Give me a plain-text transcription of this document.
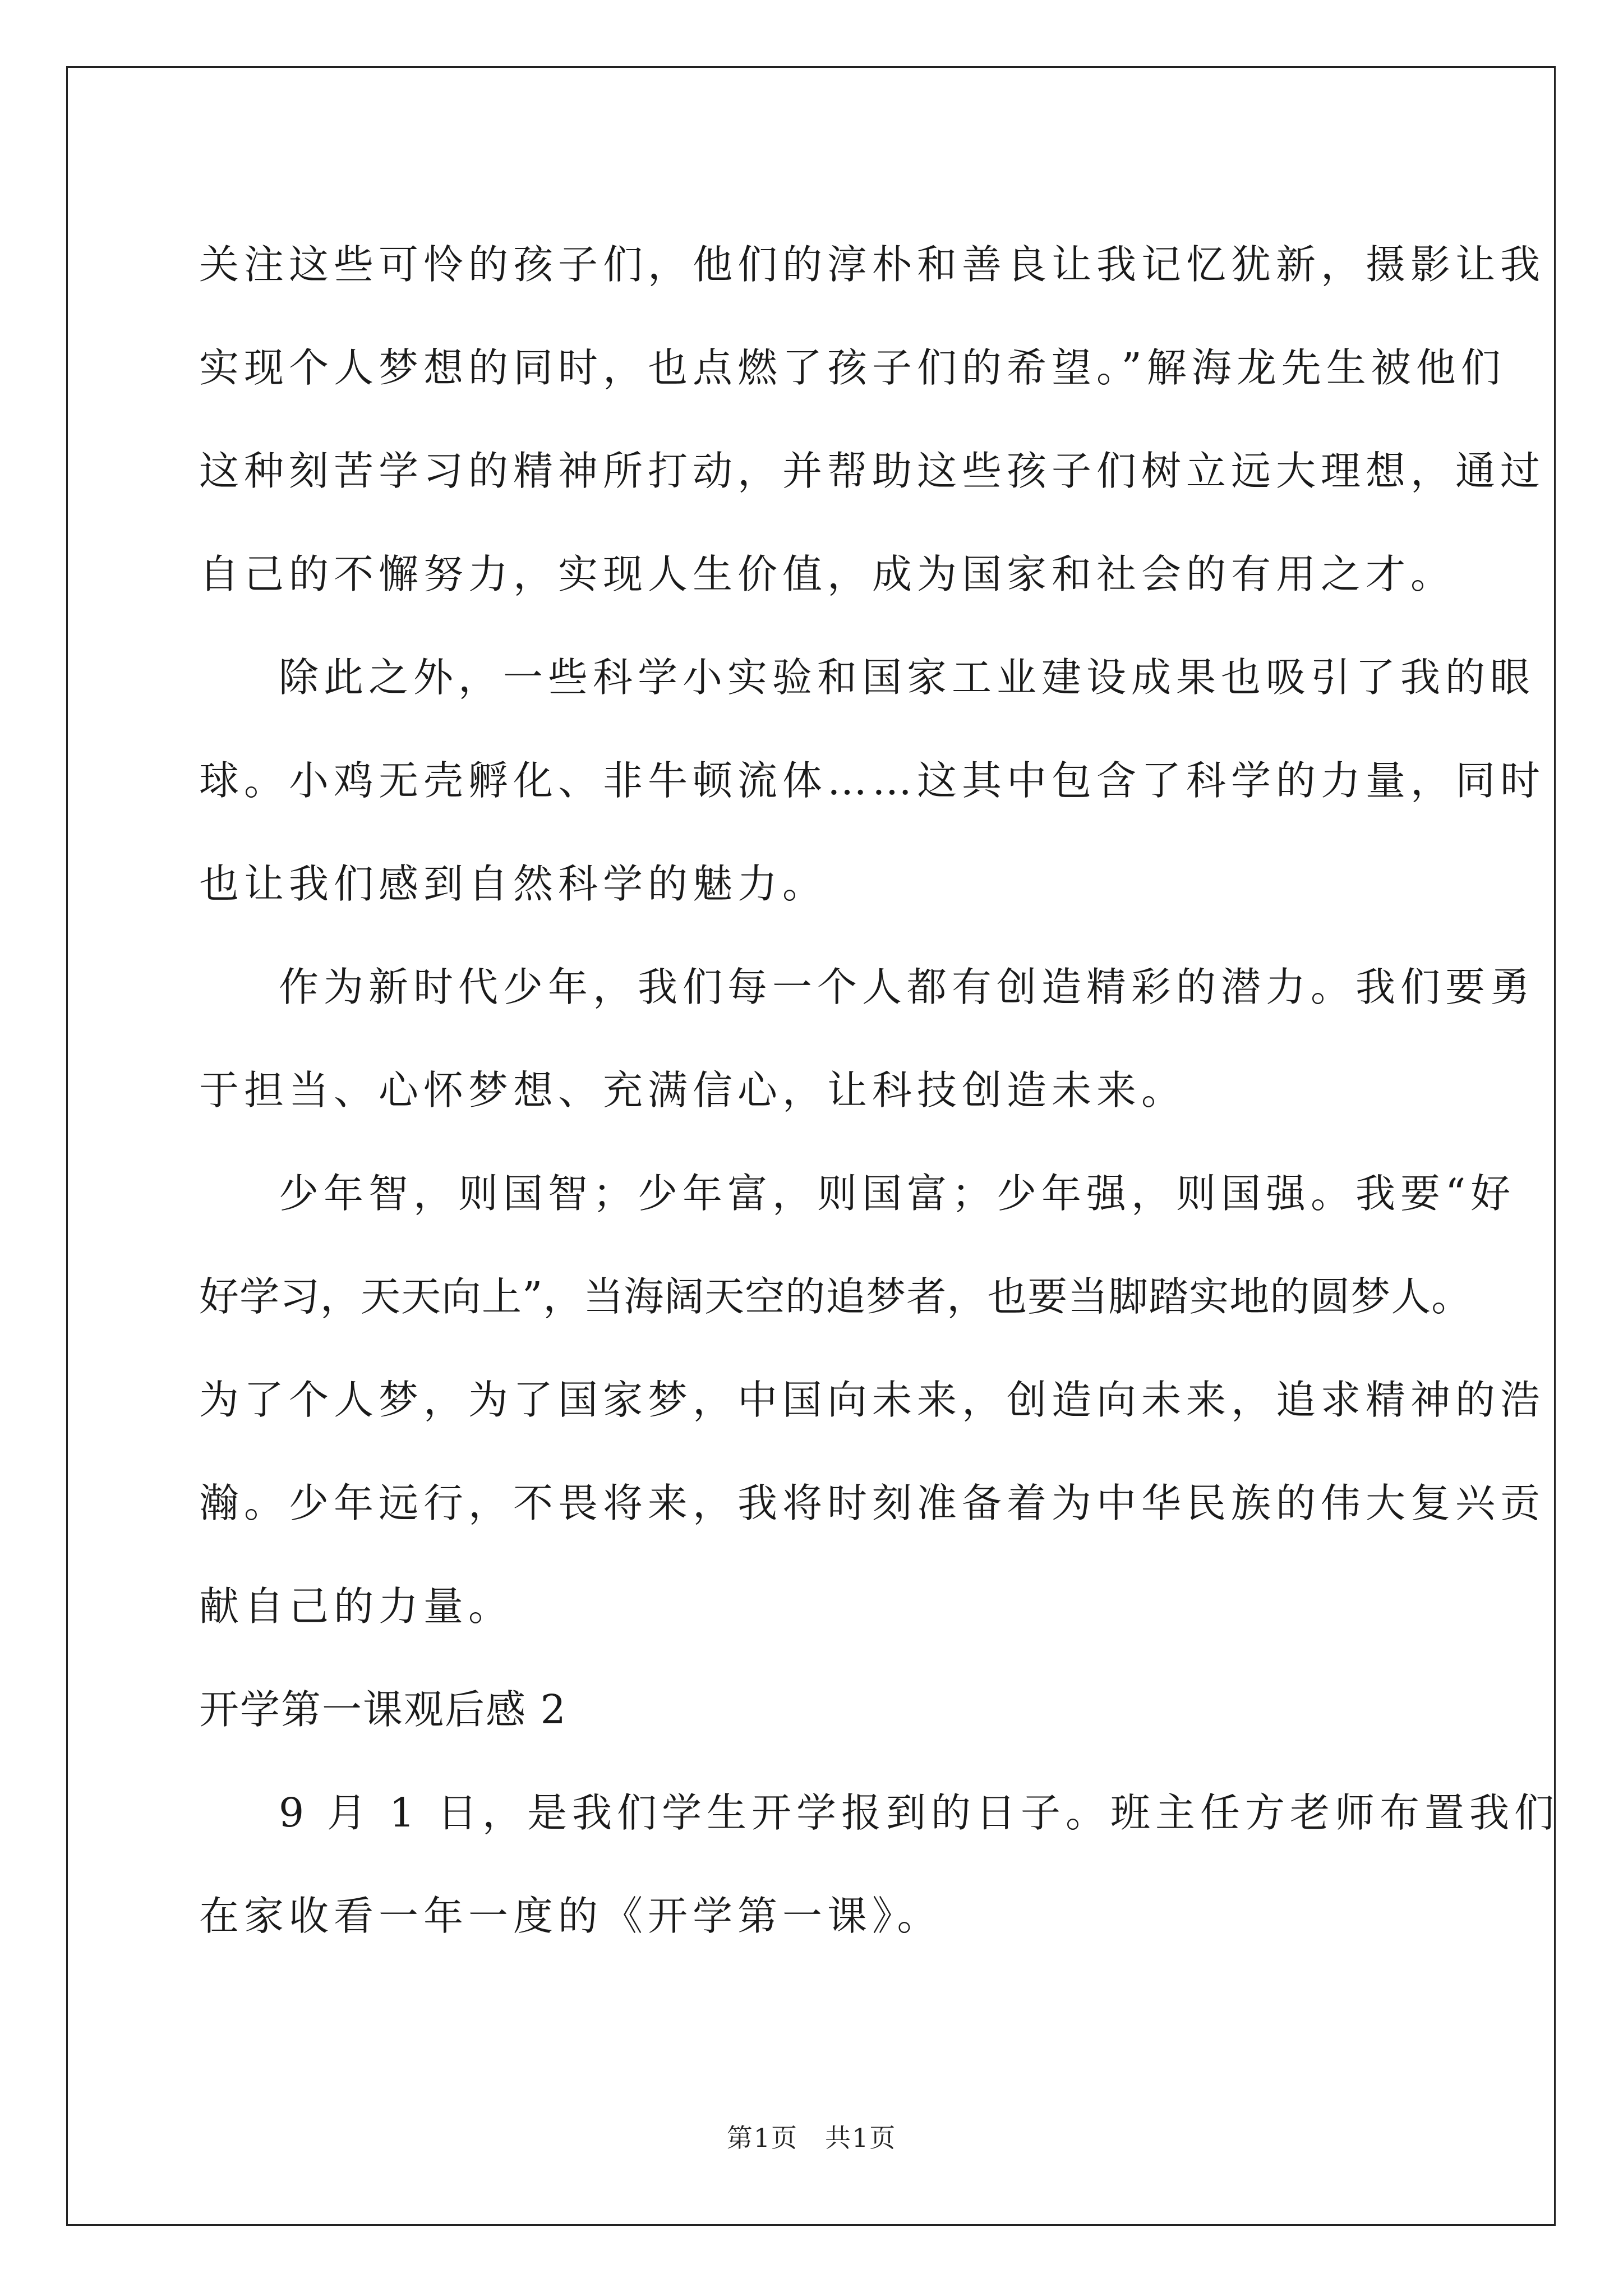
关注这些可怜的孩子们，他们的淳朴和善良让我记忆犹新，摄影让我
实现个人梦想的同时，也点燃了孩子们的希望。”解海龙先生被他们
这种刻苦学习的精神所打动，并帮助这些孩子们树立远大理想，通过
自己的不懈努力，实现人生价值，成为国家和社会的有用之才。
除此之外，一些科学小实验和国家工业建设成果也吸引了我的眼
球。小鸡无壳孵化、非牛顿流体……这其中包含了科学的力量，同时
也让我们感到自然科学的魅力。
作为新时代少年，我们每一个人都有创造精彩的潜力。我们要勇
于担当、心怀梦想、充满信心，让科技创造未来。
少年智，则国智；少年富，则国富；少年强，则国强。我要“好
好学习，天天向上”，当海阔天空的追梦者，也要当脚踏实地的圆梦人。
为了个人梦，为了国家梦，中国向未来，创造向未来，追求精神的浩
瀚。少年远行，不畏将来，我将时刻准备着为中华民族的伟大复兴贡
献自己的力量。
开学第一课观后感 2
9 月 1 日，是我们学生开学报到的日子。班主任方老师布置我们
在家收看一年一度的《开学第一课》。
第1页　共1页
